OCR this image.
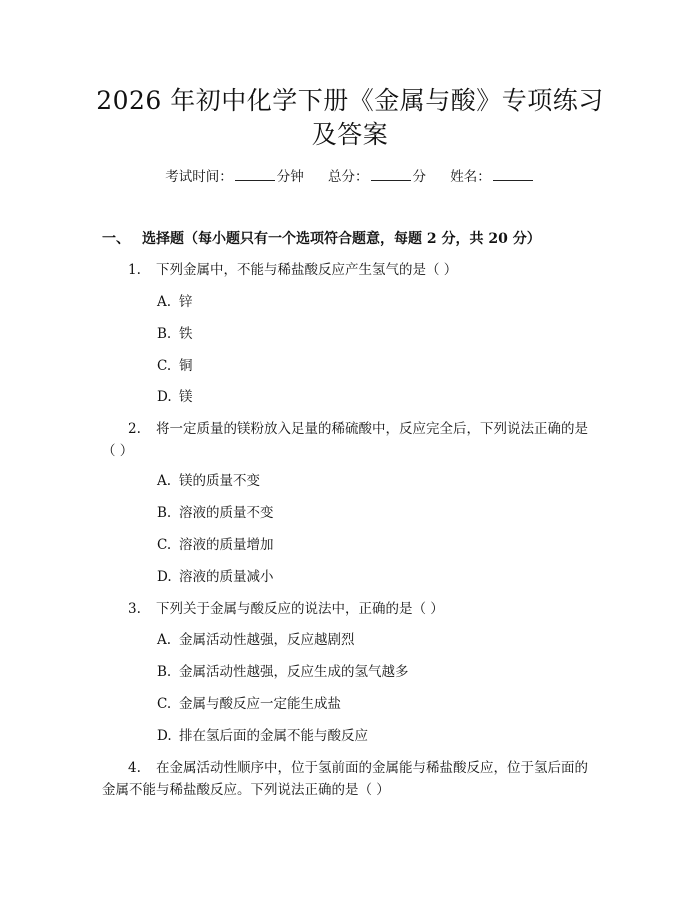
2026 年初中化学下册《金属与酸》专项练习
及答案
考试时间：	分钟 总分：	分 姓名：
一、 选择题（每小题只有一个选项符合题意，每题 2 分，共 20 分）
1. 下列金属中，不能与稀盐酸反应产生氢气的是（ ）
A. 锌
B. 铁
C. 铜
D. 镁
2. 将一定质量的镁粉放入足量的稀硫酸中，反应完全后，下列说法正确的是（ ）
A. 镁的质量不变
B. 溶液的质量不变
C. 溶液的质量增加
D. 溶液的质量减小
3. 下列关于金属与酸反应的说法中，正确的是（ ）
A. 金属活动性越强，反应越剧烈
B. 金属活动性越强，反应生成的氢气越多
C. 金属与酸反应一定能生成盐
D. 排在氢后面的金属不能与酸反应
4. 在金属活动性顺序中，位于氢前面的金属能与稀盐酸反应，位于氢后面的金属不能与稀盐酸反应。下列说法正确的是（ ）
